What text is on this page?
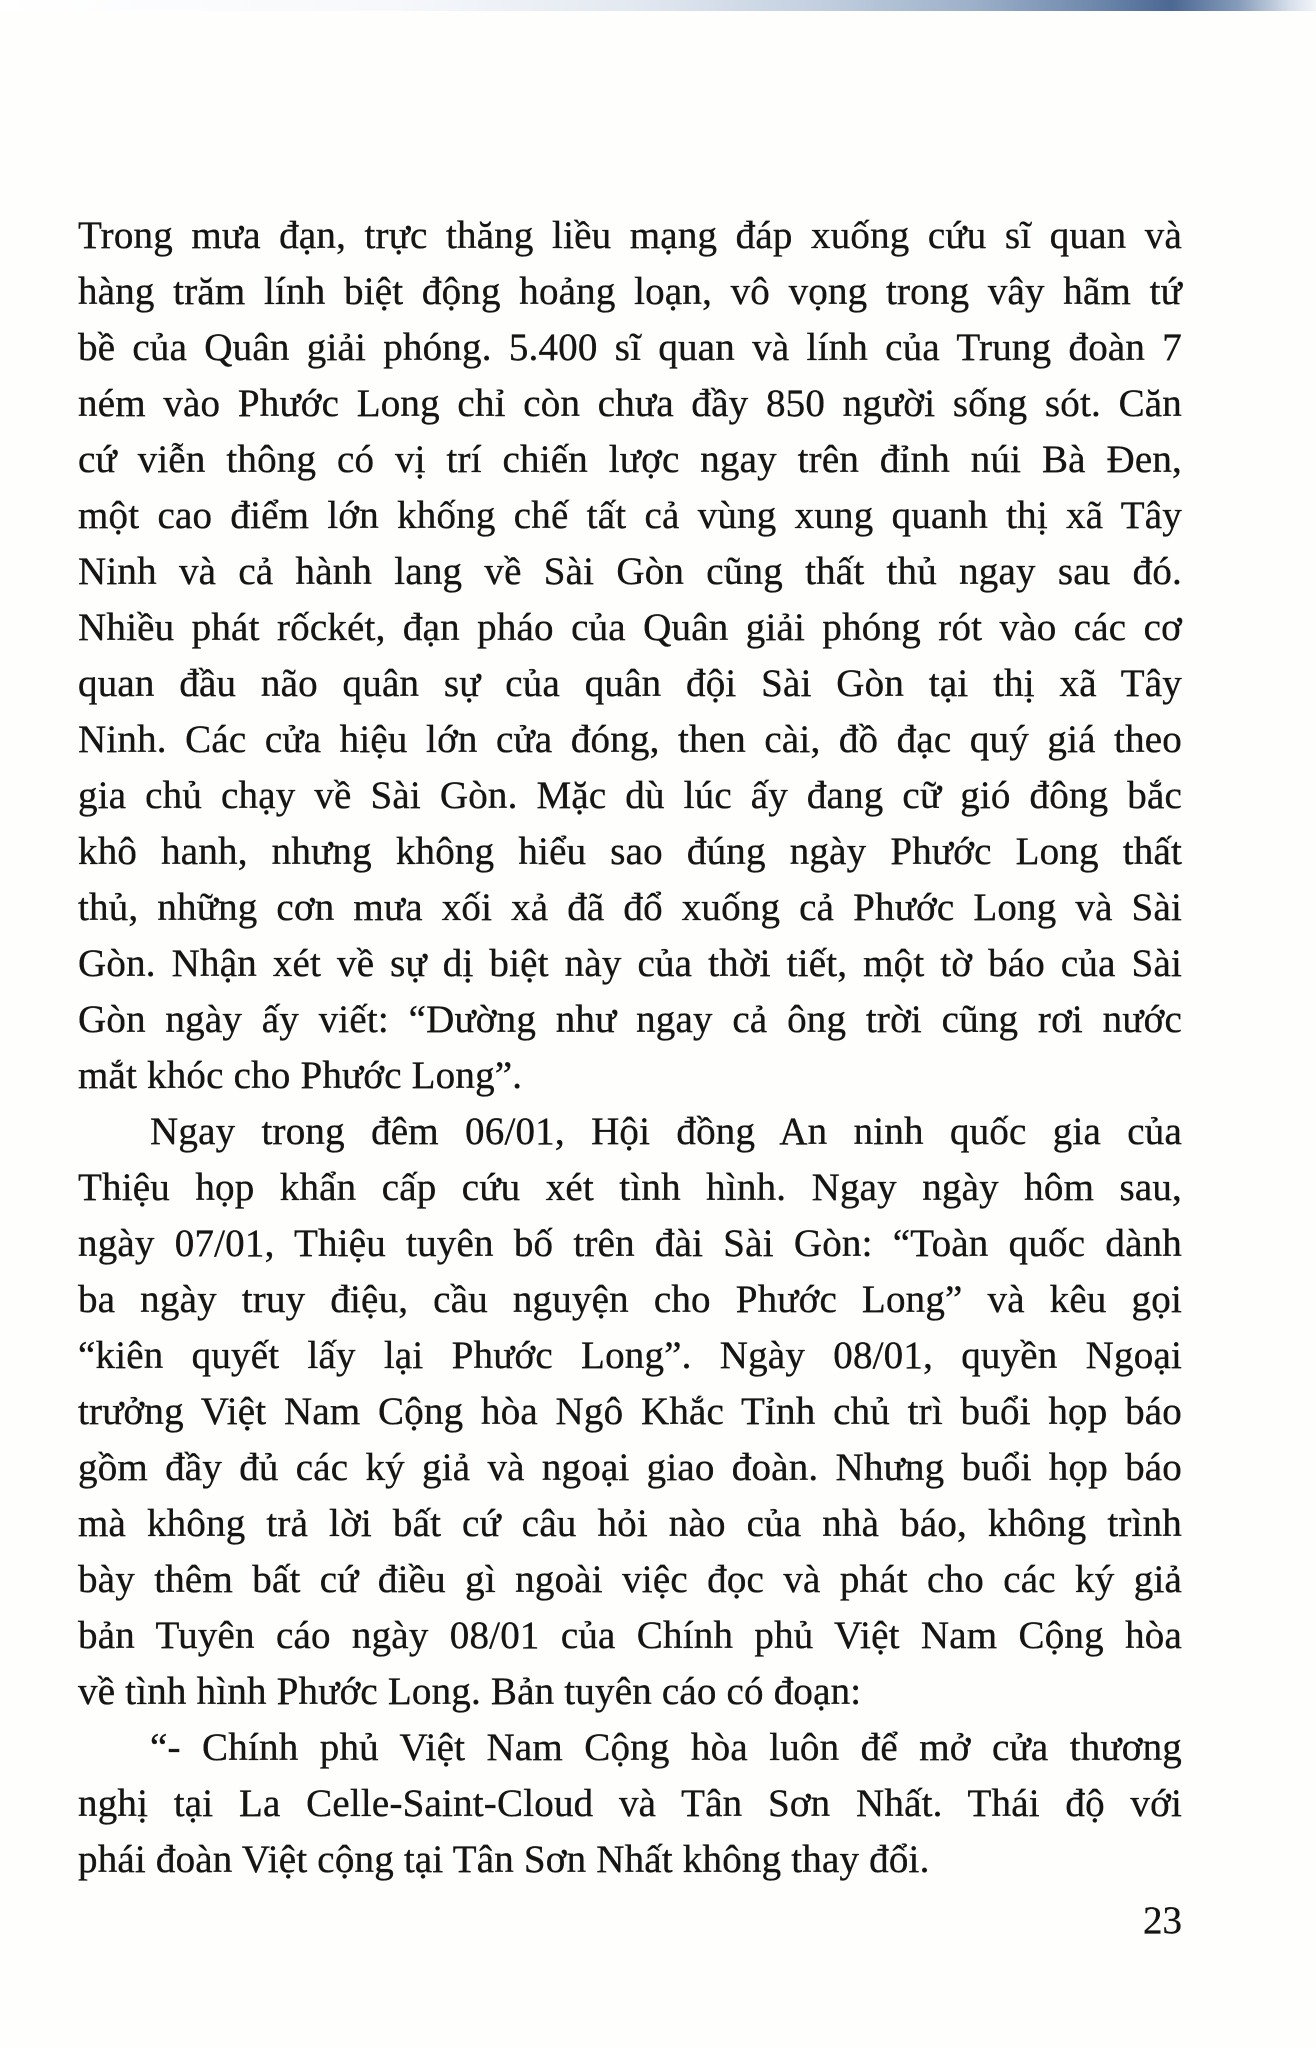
Trong mưa đạn, trực thăng liều mạng đáp xuống cứu sĩ quan và
hàng trăm lính biệt động hoảng loạn, vô vọng trong vây hãm tứ
bề của Quân giải phóng. 5.400 sĩ quan và lính của Trung đoàn 7
ném vào Phước Long chỉ còn chưa đầy 850 người sống sót. Căn
cứ viễn thông có vị trí chiến lược ngay trên đỉnh núi Bà Đen,
một cao điểm lớn khống chế tất cả vùng xung quanh thị xã Tây
Ninh và cả hành lang về Sài Gòn cũng thất thủ ngay sau đó.
Nhiều phát rốckét, đạn pháo của Quân giải phóng rót vào các cơ
quan đầu não quân sự của quân đội Sài Gòn tại thị xã Tây
Ninh. Các cửa hiệu lớn cửa đóng, then cài, đồ đạc quý giá theo
gia chủ chạy về Sài Gòn. Mặc dù lúc ấy đang cữ gió đông bắc
khô hanh, nhưng không hiểu sao đúng ngày Phước Long thất
thủ, những cơn mưa xối xả đã đổ xuống cả Phước Long và Sài
Gòn. Nhận xét về sự dị biệt này của thời tiết, một tờ báo của Sài
Gòn ngày ấy viết: “Dường như ngay cả ông trời cũng rơi nước
mắt khóc cho Phước Long”.
Ngay trong đêm 06/01, Hội đồng An ninh quốc gia của
Thiệu họp khẩn cấp cứu xét tình hình. Ngay ngày hôm sau,
ngày 07/01, Thiệu tuyên bố trên đài Sài Gòn: “Toàn quốc dành
ba ngày truy điệu, cầu nguyện cho Phước Long” và kêu gọi
“kiên quyết lấy lại Phước Long”. Ngày 08/01, quyền Ngoại
trưởng Việt Nam Cộng hòa Ngô Khắc Tỉnh chủ trì buổi họp báo
gồm đầy đủ các ký giả và ngoại giao đoàn. Nhưng buổi họp báo
mà không trả lời bất cứ câu hỏi nào của nhà báo, không trình
bày thêm bất cứ điều gì ngoài việc đọc và phát cho các ký giả
bản Tuyên cáo ngày 08/01 của Chính phủ Việt Nam Cộng hòa
về tình hình Phước Long. Bản tuyên cáo có đoạn:
“- Chính phủ Việt Nam Cộng hòa luôn để mở cửa thương
nghị tại La Celle-Saint-Cloud và Tân Sơn Nhất. Thái độ với
phái đoàn Việt cộng tại Tân Sơn Nhất không thay đổi.
23
